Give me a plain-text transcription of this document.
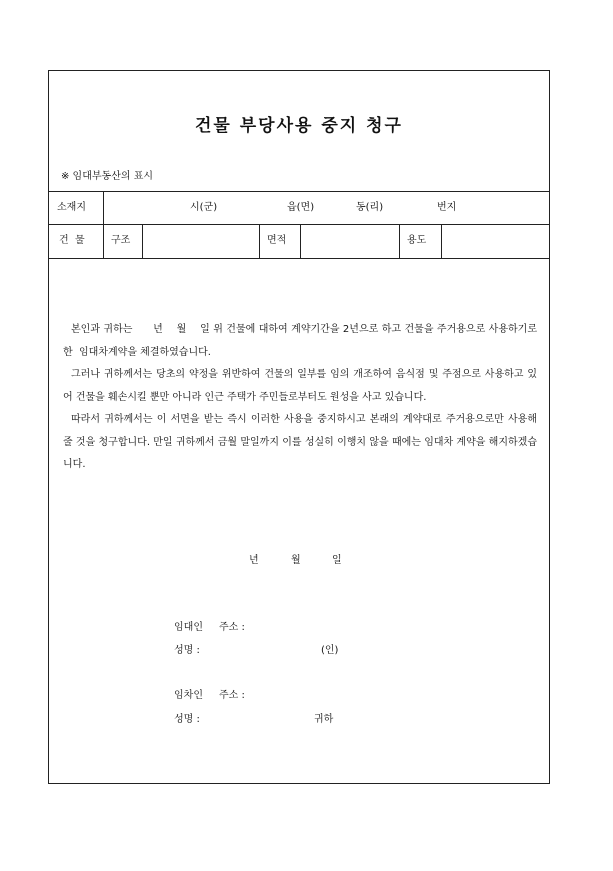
건물 부당사용 중지 청구
※ 임대부동산의 표시
소재지	시(군)	읍(면)	동(리)	번지
건  물	구조	면적	용도

본인과 귀하는      년    월    일 위 건물에 대하여 계약기간을 2년으로 하고 건물을 주거용으로 사용하기로 한  임대차계약을 체결하였습니다.

그러나 귀하께서는 당초의 약정을 위반하여 건물의 일부를 임의 개조하여 음식점 및 주점으로 사용하고 있어 건물을 훼손시킬 뿐만 아니라 인근 주택가 주민들로부터도 원성을 사고 있습니다.

따라서 귀하께서는 이 서면을 받는 즉시 이러한 사용을 중지하시고 본래의 계약대로 주거용으로만 사용해 줄 것을 청구합니다. 만일 귀하께서 금월 말일까지 이를 성실히 이행치 않을 때에는 임대차 계약을 해지하겠습니다.

년	월	일
임대인 주소 :
성명 :	(인)
임차인 주소 :
성명 :	귀하
